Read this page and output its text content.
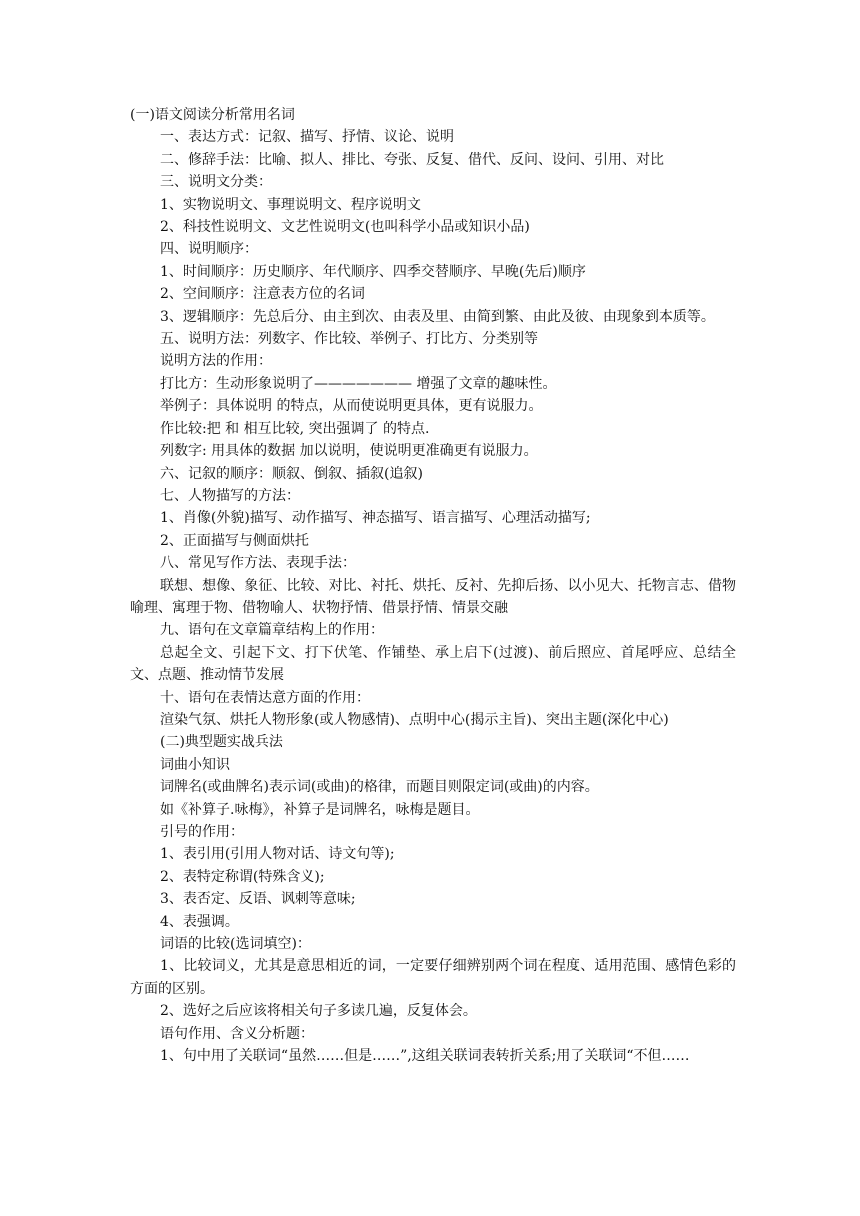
(一)语文阅读分析常用名词
一、表达方式：记叙、描写、抒情、议论、说明
二、修辞手法：比喻、拟人、排比、夸张、反复、借代、反问、设问、引用、对比
三、说明文分类：
1、实物说明文、事理说明文、程序说明文
2、科技性说明文、文艺性说明文(也叫科学小品或知识小品)
四、说明顺序：
1、时间顺序：历史顺序、年代顺序、四季交替顺序、早晚(先后)顺序
2、空间顺序：注意表方位的名词
3、逻辑顺序：先总后分、由主到次、由表及里、由简到繁、由此及彼、由现象到本质等。
五、说明方法：列数字、作比较、举例子、打比方、分类别等
说明方法的作用：
打比方：生动形象说明了——————— 增强了文章的趣味性。
举例子：具体说明 的特点，从而使说明更具体，更有说服力。
作比较:把 和 相互比较, 突出强调了 的特点.
列数字: 用具体的数据 加以说明，使说明更准确更有说服力。
六、记叙的顺序：顺叙、倒叙、插叙(追叙)
七、人物描写的方法：
1、肖像(外貌)描写、动作描写、神态描写、语言描写、心理活动描写;
2、正面描写与侧面烘托
八、常见写作方法、表现手法：
联想、想像、象征、比较、对比、衬托、烘托、反衬、先抑后扬、以小见大、托物言志、借物喻理、寓理于物、借物喻人、状物抒情、借景抒情、情景交融
九、语句在文章篇章结构上的作用：
总起全文、引起下文、打下伏笔、作铺垫、承上启下(过渡)、前后照应、首尾呼应、总结全文、点题、推动情节发展
十、语句在表情达意方面的作用：
渲染气氛、烘托人物形象(或人物感情)、点明中心(揭示主旨)、突出主题(深化中心)
(二)典型题实战兵法
词曲小知识
词牌名(或曲牌名)表示词(或曲)的格律，而题目则限定词(或曲)的内容。
如《补算子.咏梅》，补算子是词牌名，咏梅是题目。
引号的作用：
1、表引用(引用人物对话、诗文句等);
2、表特定称谓(特殊含义);
3、表否定、反语、讽刺等意味;
4、表强调。
词语的比较(选词填空)：
1、比较词义，尤其是意思相近的词，一定要仔细辨别两个词在程度、适用范围、感情色彩的方面的区别。
2、选好之后应该将相关句子多读几遍，反复体会。
语句作用、含义分析题：
1、句中用了关联词“虽然……但是……”,这组关联词表转折关系;用了关联词“不但……
